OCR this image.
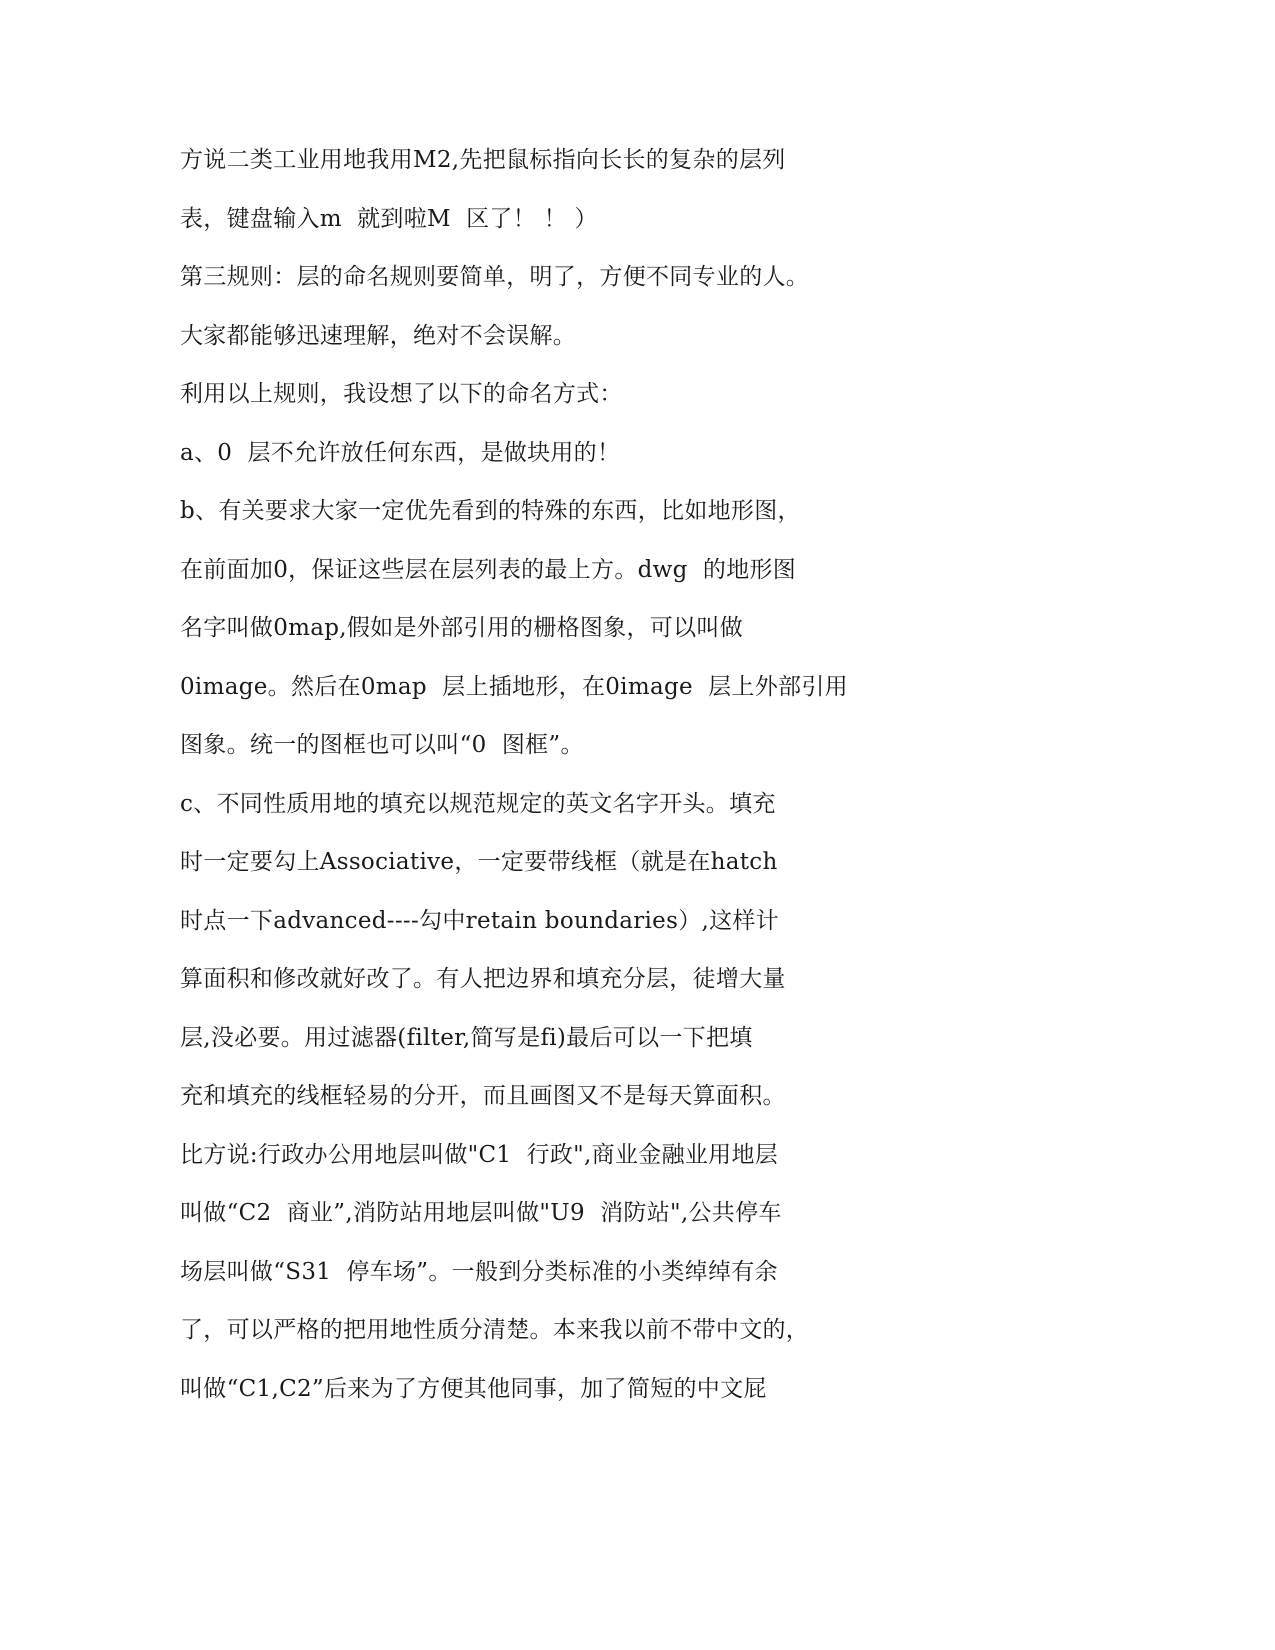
方说二类工业用地我用M2,先把鼠标指向长长的复杂的层列
表，键盘输入m  就到啦M  区了！ ！ ）
第三规则：层的命名规则要简单，明了，方便不同专业的人。
大家都能够迅速理解，绝对不会误解。
利用以上规则，我设想了以下的命名方式：
a、0  层不允许放任何东西，是做块用的！
b、有关要求大家一定优先看到的特殊的东西，比如地形图，
在前面加0，保证这些层在层列表的最上方。dwg  的地形图
名字叫做0map,假如是外部引用的栅格图象，可以叫做
0image。然后在0map  层上插地形，在0image  层上外部引用
图象。统一的图框也可以叫“0  图框”。
c、不同性质用地的填充以规范规定的英文名字开头。填充
时一定要勾上Associative，一定要带线框（就是在hatch
时点一下advanced----勾中retain boundaries）,这样计
算面积和修改就好改了。有人把边界和填充分层，徒增大量
层,没必要。用过滤器(filter,简写是fi)最后可以一下把填
充和填充的线框轻易的分开，而且画图又不是每天算面积。
比方说:行政办公用地层叫做"C1  行政",商业金融业用地层
叫做“C2  商业”,消防站用地层叫做"U9  消防站",公共停车
场层叫做“S31  停车场”。一般到分类标准的小类绰绰有余
了，可以严格的把用地性质分清楚。本来我以前不带中文的，
叫做“C1,C2”后来为了方便其他同事，加了简短的中文屁
